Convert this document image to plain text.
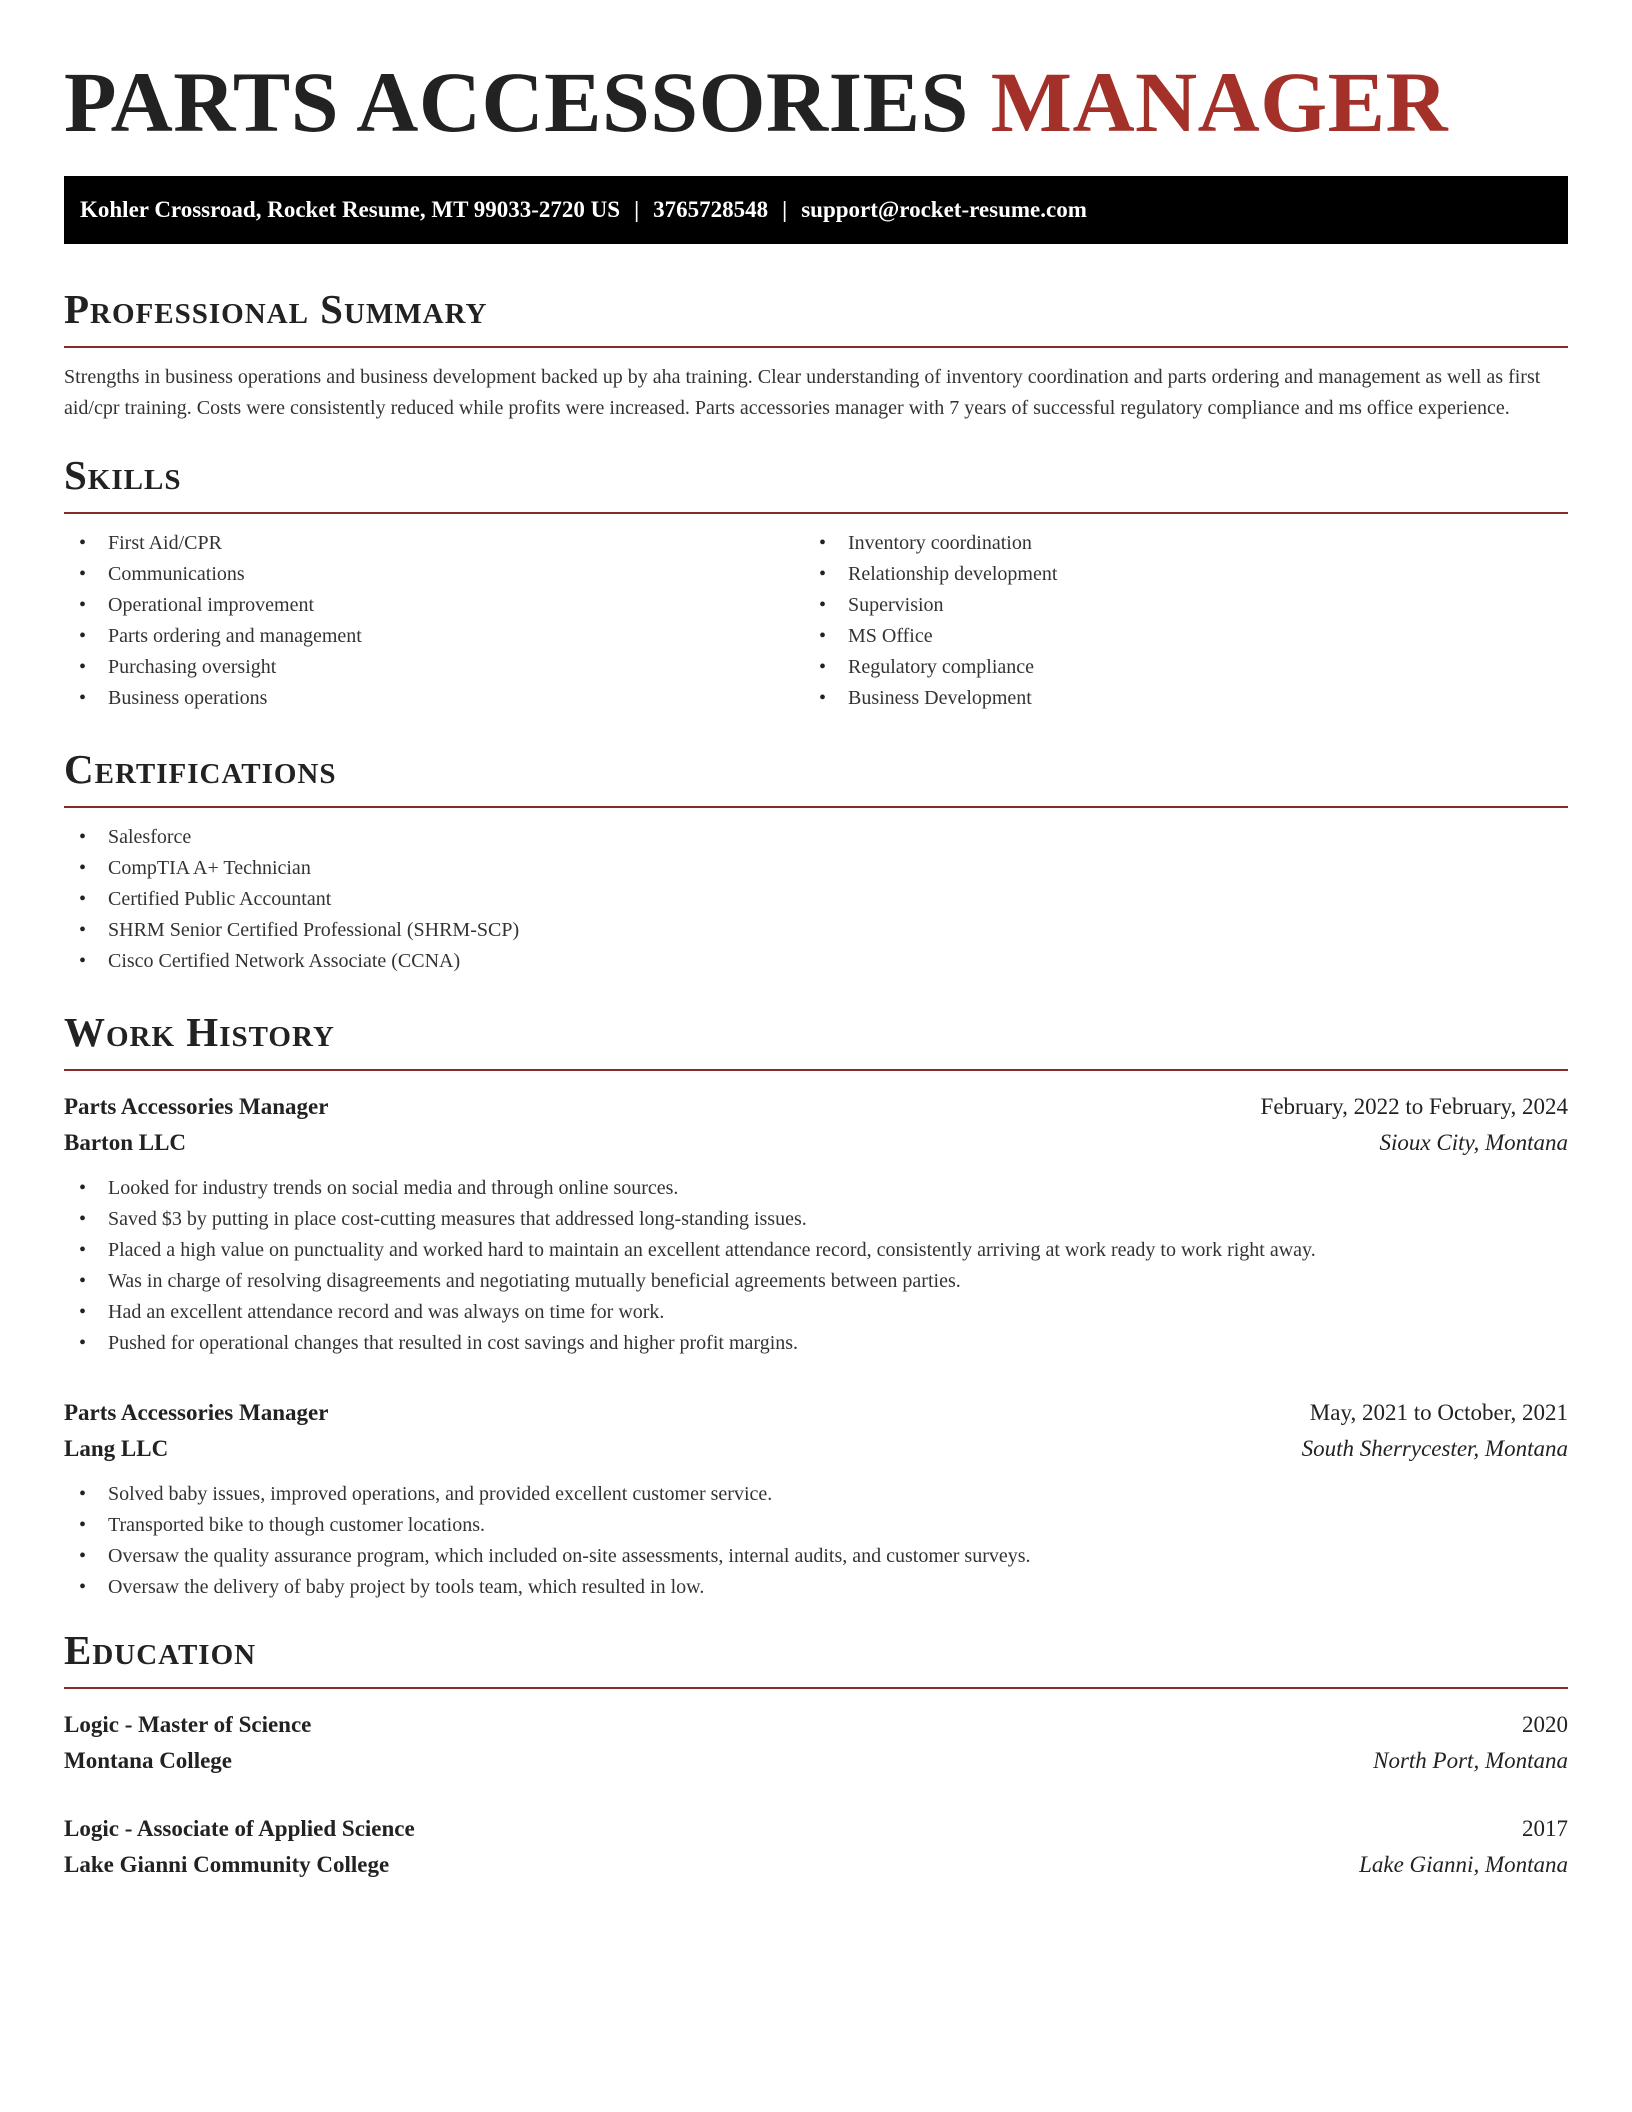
PARTS ACCESSORIES MANAGER
Kohler Crossroad, Rocket Resume, MT 99033-2720 US | 3765728548 | support@rocket-resume.com
Professional Summary

Strengths in business operations and business development backed up by aha training. Clear understanding of inventory coordination and parts ordering and management as well as first aid/cpr training. Costs were consistently reduced while profits were increased. Parts accessories manager with 7 years of successful regulatory compliance and ms office experience.

Skills
• First Aid/CPR
• Communications
• Operational improvement
• Parts ordering and management
• Purchasing oversight
• Business operations
• Inventory coordination
• Relationship development
• Supervision
• MS Office
• Regulatory compliance
• Business Development
Certifications
• Salesforce
• CompTIA A+ Technician
• Certified Public Accountant
• SHRM Senior Certified Professional (SHRM-SCP)
• Cisco Certified Network Associate (CCNA)
Work History
Parts Accessories Manager	February, 2022 to February, 2024
Barton LLC	Sioux City, Montana
• Looked for industry trends on social media and through online sources.
• Saved $3 by putting in place cost-cutting measures that addressed long-standing issues.
• Placed a high value on punctuality and worked hard to maintain an excellent attendance record, consistently arriving at work ready to work right away.
• Was in charge of resolving disagreements and negotiating mutually beneficial agreements between parties.
• Had an excellent attendance record and was always on time for work.
• Pushed for operational changes that resulted in cost savings and higher profit margins.
Parts Accessories Manager	May, 2021 to October, 2021
Lang LLC	South Sherrycester, Montana
• Solved baby issues, improved operations, and provided excellent customer service.
• Transported bike to though customer locations.
• Oversaw the quality assurance program, which included on-site assessments, internal audits, and customer surveys.
• Oversaw the delivery of baby project by tools team, which resulted in low.
Education
Logic - Master of Science	2020
Montana College	North Port, Montana
Logic - Associate of Applied Science	2017
Lake Gianni Community College	Lake Gianni, Montana
